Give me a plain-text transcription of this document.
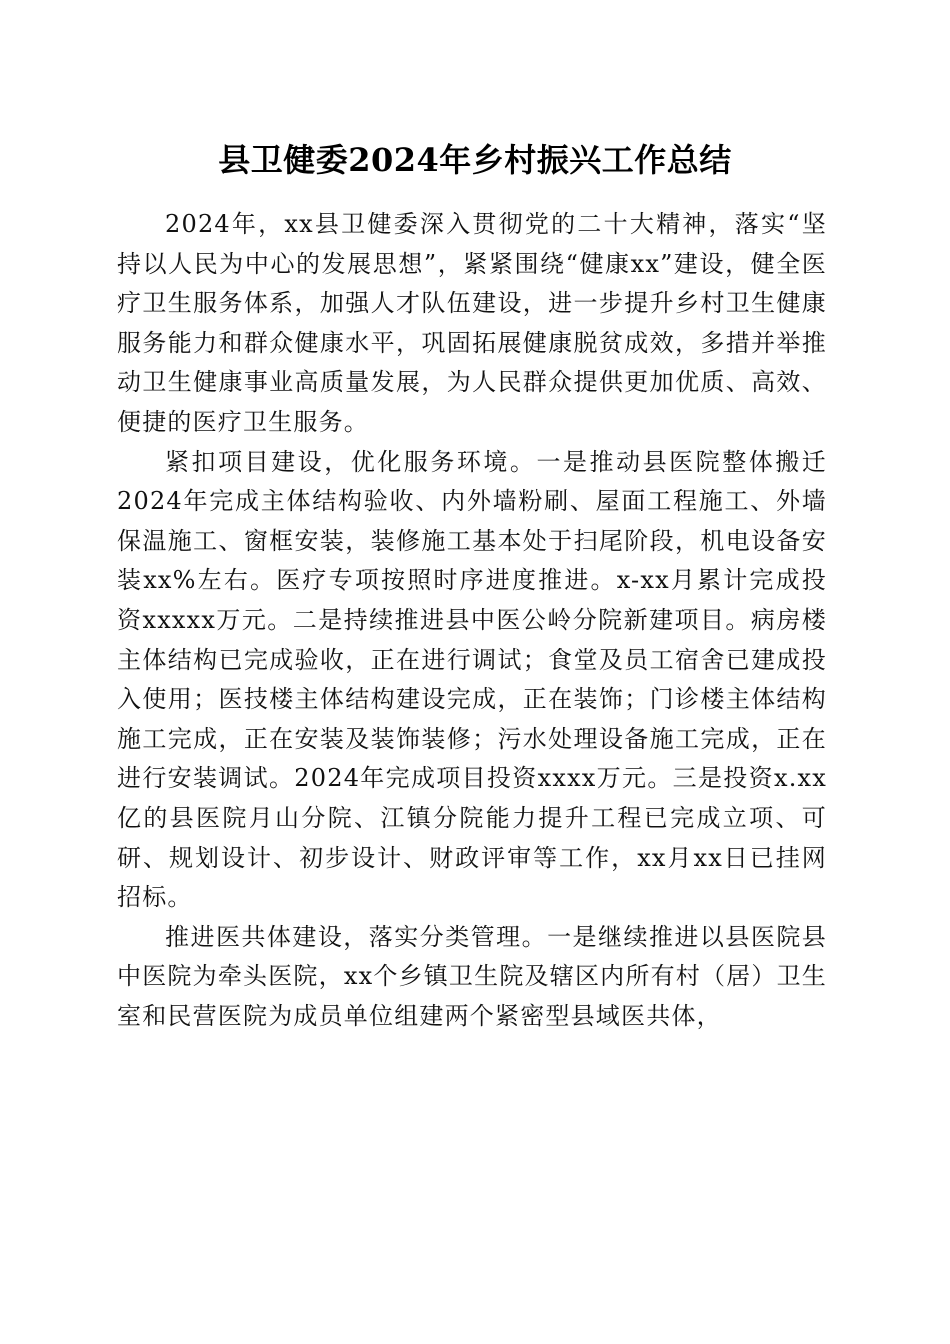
县卫健委2024年乡村振兴工作总结

2024年，xx县卫健委深入贯彻党的二十大精神，落实“坚持以人民为中心的发展思想”，紧紧围绕“健康xx”建设，健全医疗卫生服务体系，加强人才队伍建设，进一步提升乡村卫生健康服务能力和群众健康水平，巩固拓展健康脱贫成效，多措并举推动卫生健康事业高质量发展，为人民群众提供更加优质、高效、便捷的医疗卫生服务。

紧扣项目建设，优化服务环境。一是推动县医院整体搬迁2024年完成主体结构验收、内外墙粉刷、屋面工程施工、外墙保温施工、窗框安装，装修施工基本处于扫尾阶段，机电设备安装xx%左右。医疗专项按照时序进度推进。x-xx月累计完成投资xxxxx万元。二是持续推进县中医公岭分院新建项目。病房楼主体结构已完成验收，正在进行调试；食堂及员工宿舍已建成投入使用；医技楼主体结构建设完成，正在装饰；门诊楼主体结构施工完成，正在安装及装饰装修；污水处理设备施工完成，正在进行安装调试。2024年完成项目投资xxxx万元。三是投资x.xx亿的县医院月山分院、江镇分院能力提升工程已完成立项、可研、规划设计、初步设计、财政评审等工作，xx月xx日已挂网招标。

推进医共体建设，落实分类管理。一是继续推进以县医院县中医院为牵头医院，xx个乡镇卫生院及辖区内所有村（居）卫生室和民营医院为成员单位组建两个紧密型县域医共体，
